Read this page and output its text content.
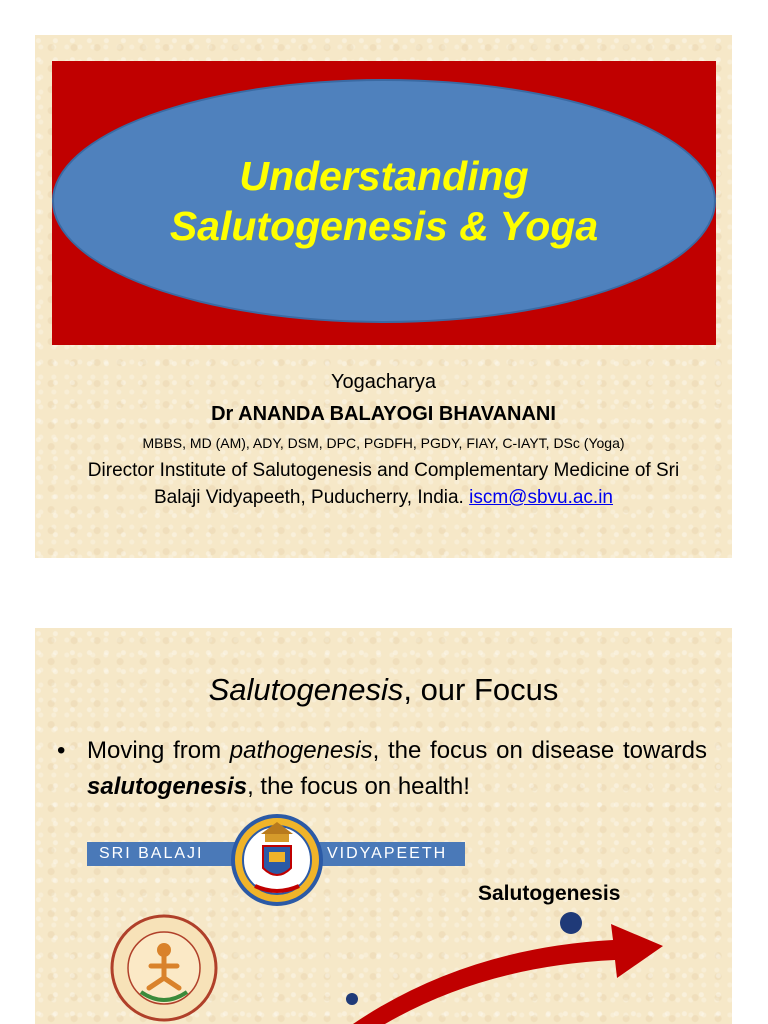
Understanding
Salutogenesis & Yoga
Yogacharya
Dr ANANDA BALAYOGI BHAVANANI
MBBS, MD (AM), ADY, DSM, DPC, PGDFH, PGDY, FIAY, C-IAYT, DSc (Yoga)
Director Institute of Salutogenesis and Complementary Medicine of Sri
Balaji Vidyapeeth, Puducherry, India. iscm@sbvu.ac.in
Salutogenesis, our Focus
• Moving from pathogenesis, the focus on disease towards salutogenesis, the focus on health!
SRI BALAJI	VIDYAPEETH
Salutogenesis
